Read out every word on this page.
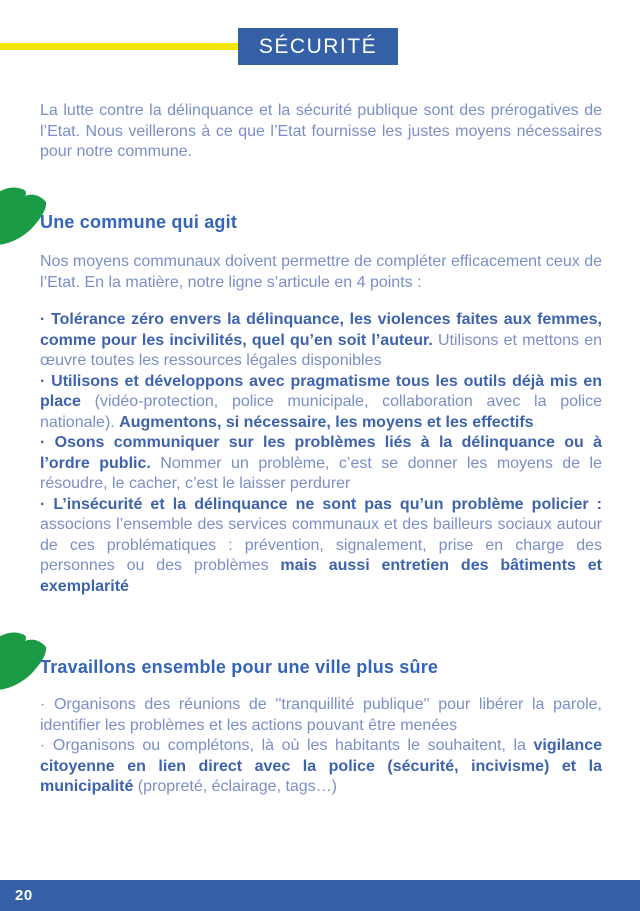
SÉCURITÉ

La lutte contre la délinquance et la sécurité publique sont des prérogatives de l’Etat. Nous veillerons à ce que l’Etat fournisse les justes moyens nécessaires pour notre commune.

Une commune qui agit

Nos moyens communaux doivent permettre de compléter efficacement ceux de l’Etat. En la matière, notre ligne s’articule en 4 points :

· Tolérance zéro envers la délinquance, les violences faites aux femmes, comme pour les incivilités, quel qu’en soit l’auteur. Utilisons et mettons en œuvre toutes les ressources légales disponibles

· Utilisons et développons avec pragmatisme tous les outils déjà mis en place (vidéo-protection, police municipale, collaboration avec la police nationale). Augmentons, si nécessaire, les moyens et les effectifs

· Osons communiquer sur les problèmes liés à la délinquance ou à l’ordre public. Nommer un problème, c’est se donner les moyens de le résoudre, le cacher, c’est le laisser perdurer

· L’insécurité et la délinquance ne sont pas qu’un problème policier : associons l’ensemble des services communaux et des bailleurs sociaux autour de ces problématiques : prévention, signalement, prise en charge des personnes ou des problèmes mais aussi entretien des bâtiments et exemplarité

Travaillons ensemble pour une ville plus sûre

· Organisons des réunions de ''tranquillité publique'' pour libérer la parole, identifier les problèmes et les actions pouvant être menées

· Organisons ou complétons, là où les habitants le souhaitent, la vigilance citoyenne en lien direct avec la police (sécurité, incivisme) et la municipalité (propreté, éclairage, tags…)

20
